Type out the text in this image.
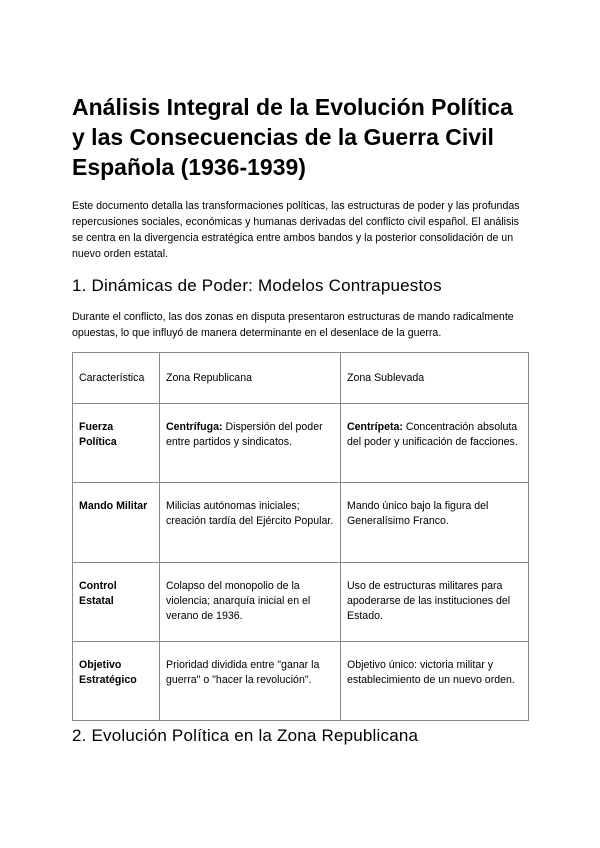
Análisis Integral de la Evolución Política y las Consecuencias de la Guerra Civil Española (1936-1939)

Este documento detalla las transformaciones políticas, las estructuras de poder y las profundas repercusiones sociales, económicas y humanas derivadas del conflicto civil español. El análisis se centra en la divergencia estratégica entre ambos bandos y la posterior consolidación de un nuevo orden estatal.

1. Dinámicas de Poder: Modelos Contrapuestos

Durante el conflicto, las dos zonas en disputa presentaron estructuras de mando radicalmente opuestas, lo que influyó de manera determinante en el desenlace de la guerra.

Característica	Zona Republicana	Zona Sublevada
Fuerza Política	Centrífuga: Dispersión del poder entre partidos y sindicatos.	Centrípeta: Concentración absoluta del poder y unificación de facciones.
Mando Militar	Milicias autónomas iniciales; creación tardía del Ejército Popular.	Mando único bajo la figura del Generalísimo Franco.
Control Estatal	Colapso del monopolio de la violencia; anarquía inicial en el verano de 1936.	Uso de estructuras militares para apoderarse de las instituciones del Estado.
Objetivo Estratégico	Prioridad dividida entre "ganar la guerra" o "hacer la revolución".	Objetivo único: victoria militar y establecimiento de un nuevo orden.
2. Evolución Política en la Zona Republicana
